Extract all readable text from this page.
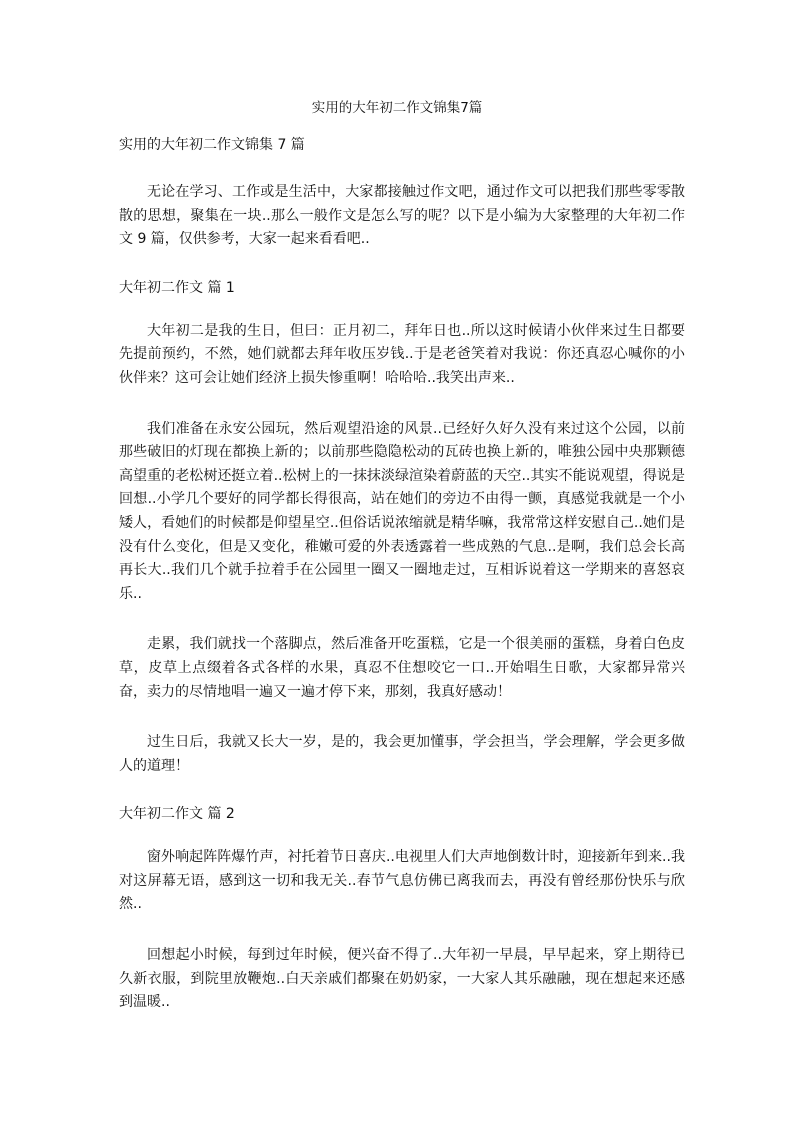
实用的大年初二作文锦集7篇

实用的大年初二作文锦集 7 篇

无论在学习、工作或是生活中，大家都接触过作文吧，通过作文可以把我们那些零零散散的思想，聚集在一块..那么一般作文是怎么写的呢？以下是小编为大家整理的大年初二作文 9 篇，仅供参考，大家一起来看看吧..

大年初二作文 篇 1

大年初二是我的生日，但曰：正月初二，拜年日也..所以这时候请小伙伴来过生日都要先提前预约，不然，她们就都去拜年收压岁钱..于是老爸笑着对我说：你还真忍心喊你的小伙伴来？这可会让她们经济上损失惨重啊！哈哈哈..我笑出声来..

我们准备在永安公园玩，然后观望沿途的风景..已经好久好久没有来过这个公园，以前那些破旧的灯现在都换上新的；以前那些隐隐松动的瓦砖也换上新的，唯独公园中央那颗德高望重的老松树还挺立着..松树上的一抹抹淡绿渲染着蔚蓝的天空..其实不能说观望，得说是回想..小学几个要好的同学都长得很高，站在她们的旁边不由得一颤，真感觉我就是一个小矮人，看她们的时候都是仰望星空..但俗话说浓缩就是精华嘛，我常常这样安慰自己..她们是没有什么变化，但是又变化，稚嫩可爱的外表透露着一些成熟的气息..是啊，我们总会长高再长大..我们几个就手拉着手在公园里一圈又一圈地走过，互相诉说着这一学期来的喜怒哀乐..

走累，我们就找一个落脚点，然后准备开吃蛋糕，它是一个很美丽的蛋糕，身着白色皮草，皮草上点缀着各式各样的水果，真忍不住想咬它一口..开始唱生日歌，大家都异常兴奋，卖力的尽情地唱一遍又一遍才停下来，那刻，我真好感动！

过生日后，我就又长大一岁，是的，我会更加懂事，学会担当，学会理解，学会更多做人的道理！

大年初二作文 篇 2

窗外响起阵阵爆竹声，衬托着节日喜庆..电视里人们大声地倒数计时，迎接新年到来..我对这屏幕无语，感到这一切和我无关..春节气息仿佛已离我而去，再没有曾经那份快乐与欣然..

回想起小时候，每到过年时候，便兴奋不得了..大年初一早晨，早早起来，穿上期待已久新衣服，到院里放鞭炮..白天亲戚们都聚在奶奶家，一大家人其乐融融，现在想起来还感到温暖..
